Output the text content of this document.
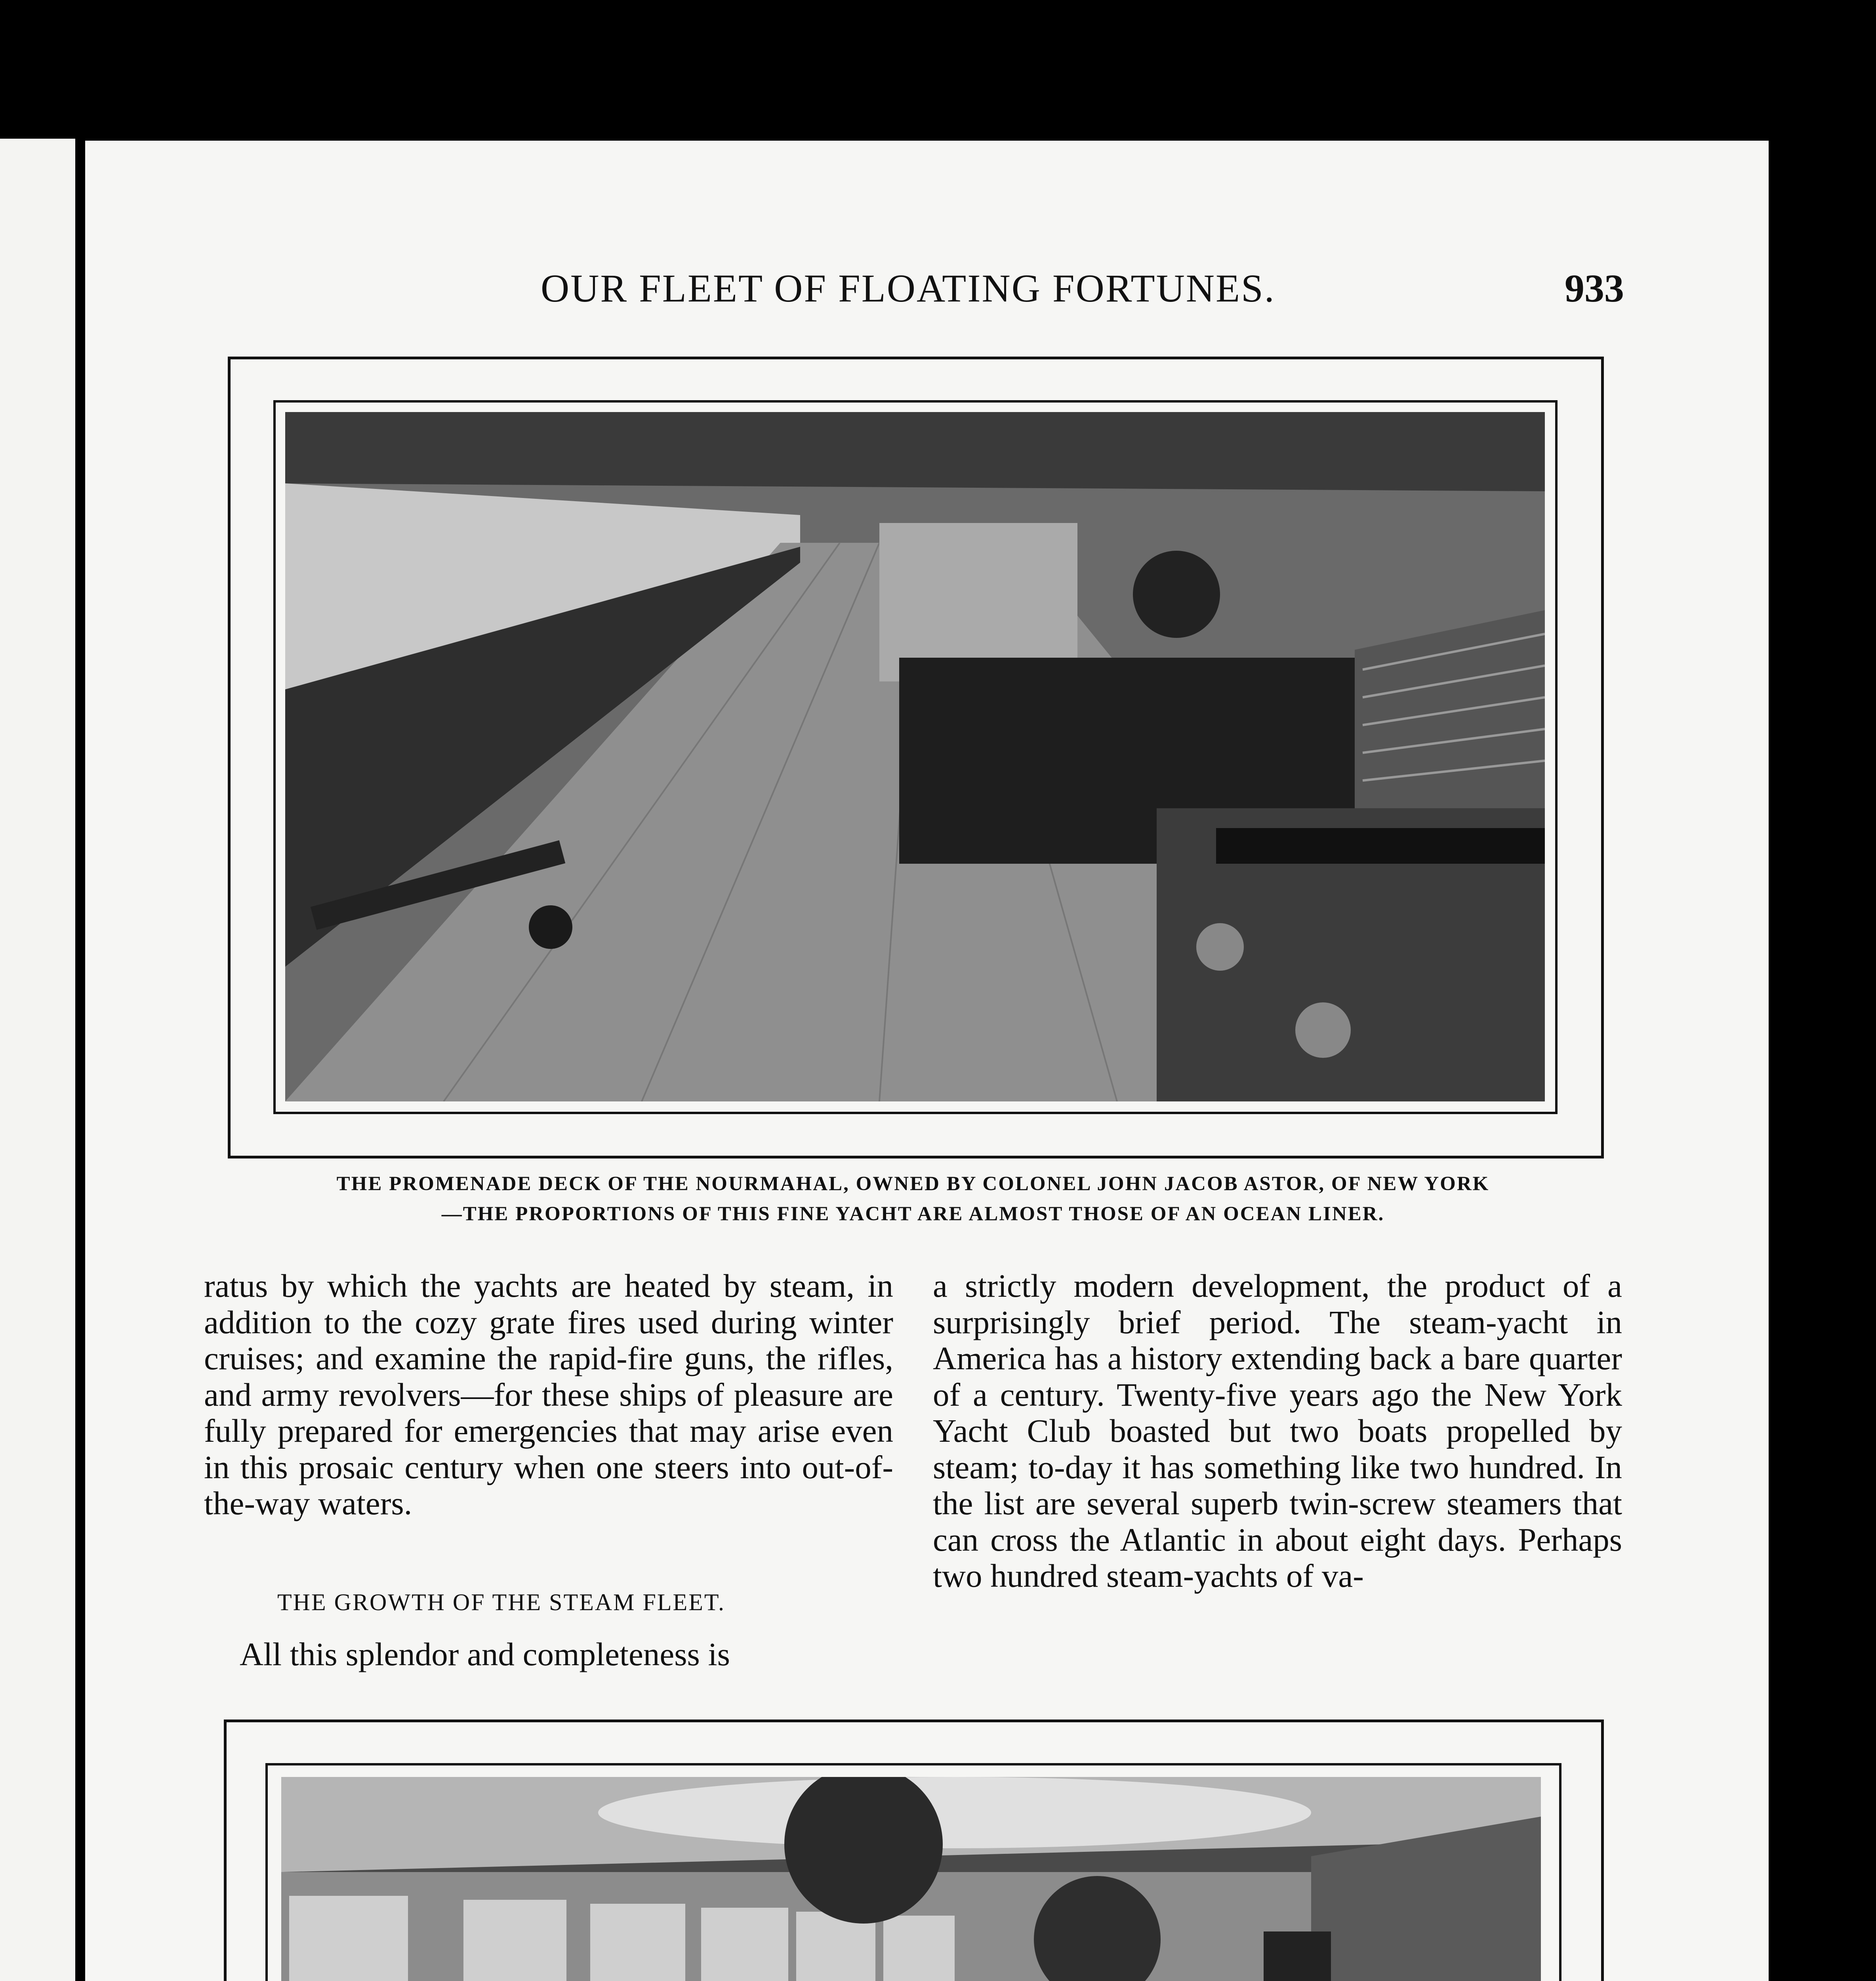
OUR FLEET OF FLOATING FORTUNES.	933
THE PROMENADE DECK OF THE NOURMAHAL, OWNED BY COLONEL JOHN JACOB ASTOR, OF NEW YORK
—THE PROPORTIONS OF THIS FINE YACHT ARE ALMOST THOSE OF AN OCEAN LINER.

ratus by which the yachts are heated by steam, in addition to the cozy grate fires used during winter cruises; and examine the rapid-fire guns, the rifles, and army revolvers—for these ships of pleasure are fully prepared for emergencies that may arise even in this prosaic century when one steers into out-of-the-way waters.

THE GROWTH OF THE STEAM FLEET.

All this splendor and completeness is

a strictly modern development, the product of a surprisingly brief period. The steam-yacht in America has a history extending back a bare quarter of a century. Twenty-five years ago the New York Yacht Club boasted but two boats propelled by steam; to-day it has something like two hundred. In the list are several superb twin-screw steamers that can cross the Atlantic in about eight days. Perhaps two hundred steam-yachts of va-
